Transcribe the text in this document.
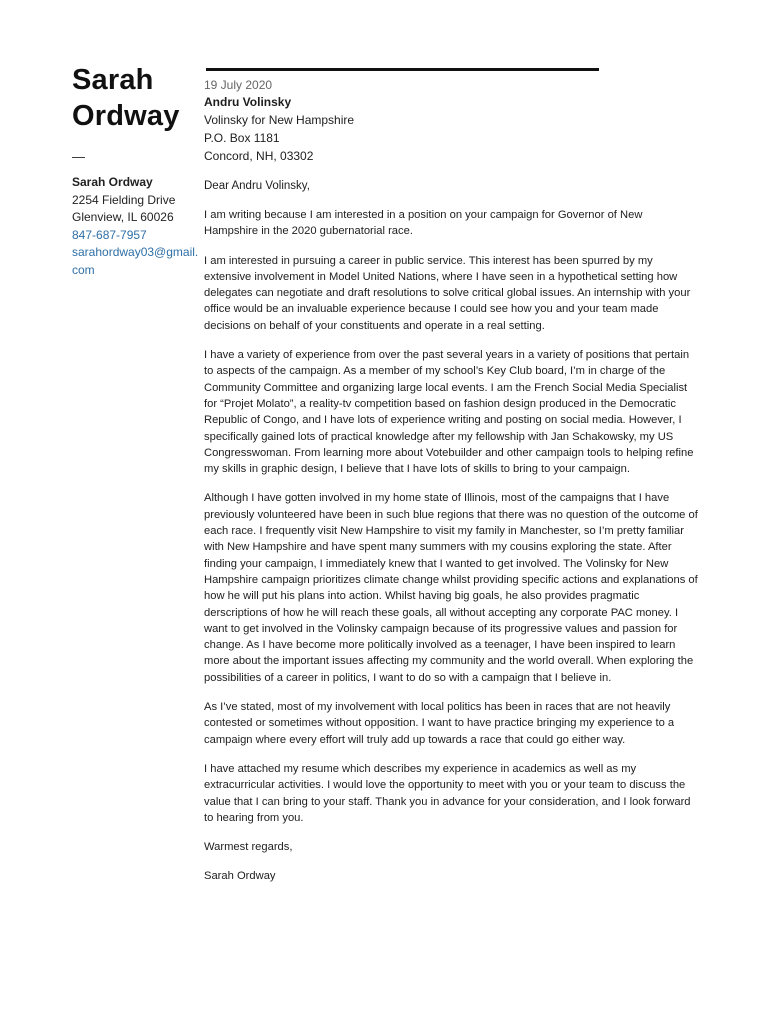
Sarah
Ordway
—
Sarah Ordway
2254 Fielding Drive
Glenview, IL 60026
847-687-7957
sarahordway03@gmail.com
19 July 2020
Andru Volinsky
Volinsky for New Hampshire
P.O. Box 1181
Concord, NH, 03302
Dear Andru Volinsky,

I am writing because I am interested in a position on your campaign for Governor of New Hampshire in the 2020 gubernatorial race.

I am interested in pursuing a career in public service. This interest has been spurred by my extensive involvement in Model United Nations, where I have seen in a hypothetical setting how delegates can negotiate and draft resolutions to solve critical global issues. An internship with your office would be an invaluable experience because I could see how you and your team made decisions on behalf of your constituents and operate in a real setting.

I have a variety of experience from over the past several years in a variety of positions that pertain to aspects of the campaign. As a member of my school’s Key Club board, I’m in charge of the Community Committee and organizing large local events. I am the French Social Media Specialist for “Projet Molato”, a reality-tv competition based on fashion design produced in the Democratic Republic of Congo, and I have lots of experience writing and posting on social media. However, I specifically gained lots of practical knowledge after my fellowship with Jan Schakowsky, my US Congresswoman. From learning more about Votebuilder and other campaign tools to helping refine my skills in graphic design, I believe that I have lots of skills to bring to your campaign.

Although I have gotten involved in my home state of Illinois, most of the campaigns that I have previously volunteered have been in such blue regions that there was no question of the outcome of each race. I frequently visit New Hampshire to visit my family in Manchester, so I’m pretty familiar with New Hampshire and have spent many summers with my cousins exploring the state. After finding your campaign, I immediately knew that I wanted to get involved. The Volinsky for New Hampshire campaign prioritizes climate change whilst providing specific actions and explanations of how he will put his plans into action. Whilst having big goals, he also provides pragmatic derscriptions of how he will reach these goals, all without accepting any corporate PAC money. I want to get involved in the Volinsky campaign because of its progressive values and passion for change. As I have become more politically involved as a teenager, I have been inspired to learn more about the important issues affecting my community and the world overall. When exploring the possibilities of a career in politics, I want to do so with a campaign that I believe in.

As I’ve stated, most of my involvement with local politics has been in races that are not heavily contested or sometimes without opposition. I want to have practice bringing my experience to a campaign where every effort will truly add up towards a race that could go either way.

I have attached my resume which describes my experience in academics as well as my extracurricular activities. I would love the opportunity to meet with you or your team to discuss the value that I can bring to your staff. Thank you in advance for your consideration, and I look forward to hearing from you.

Warmest regards,
Sarah Ordway
